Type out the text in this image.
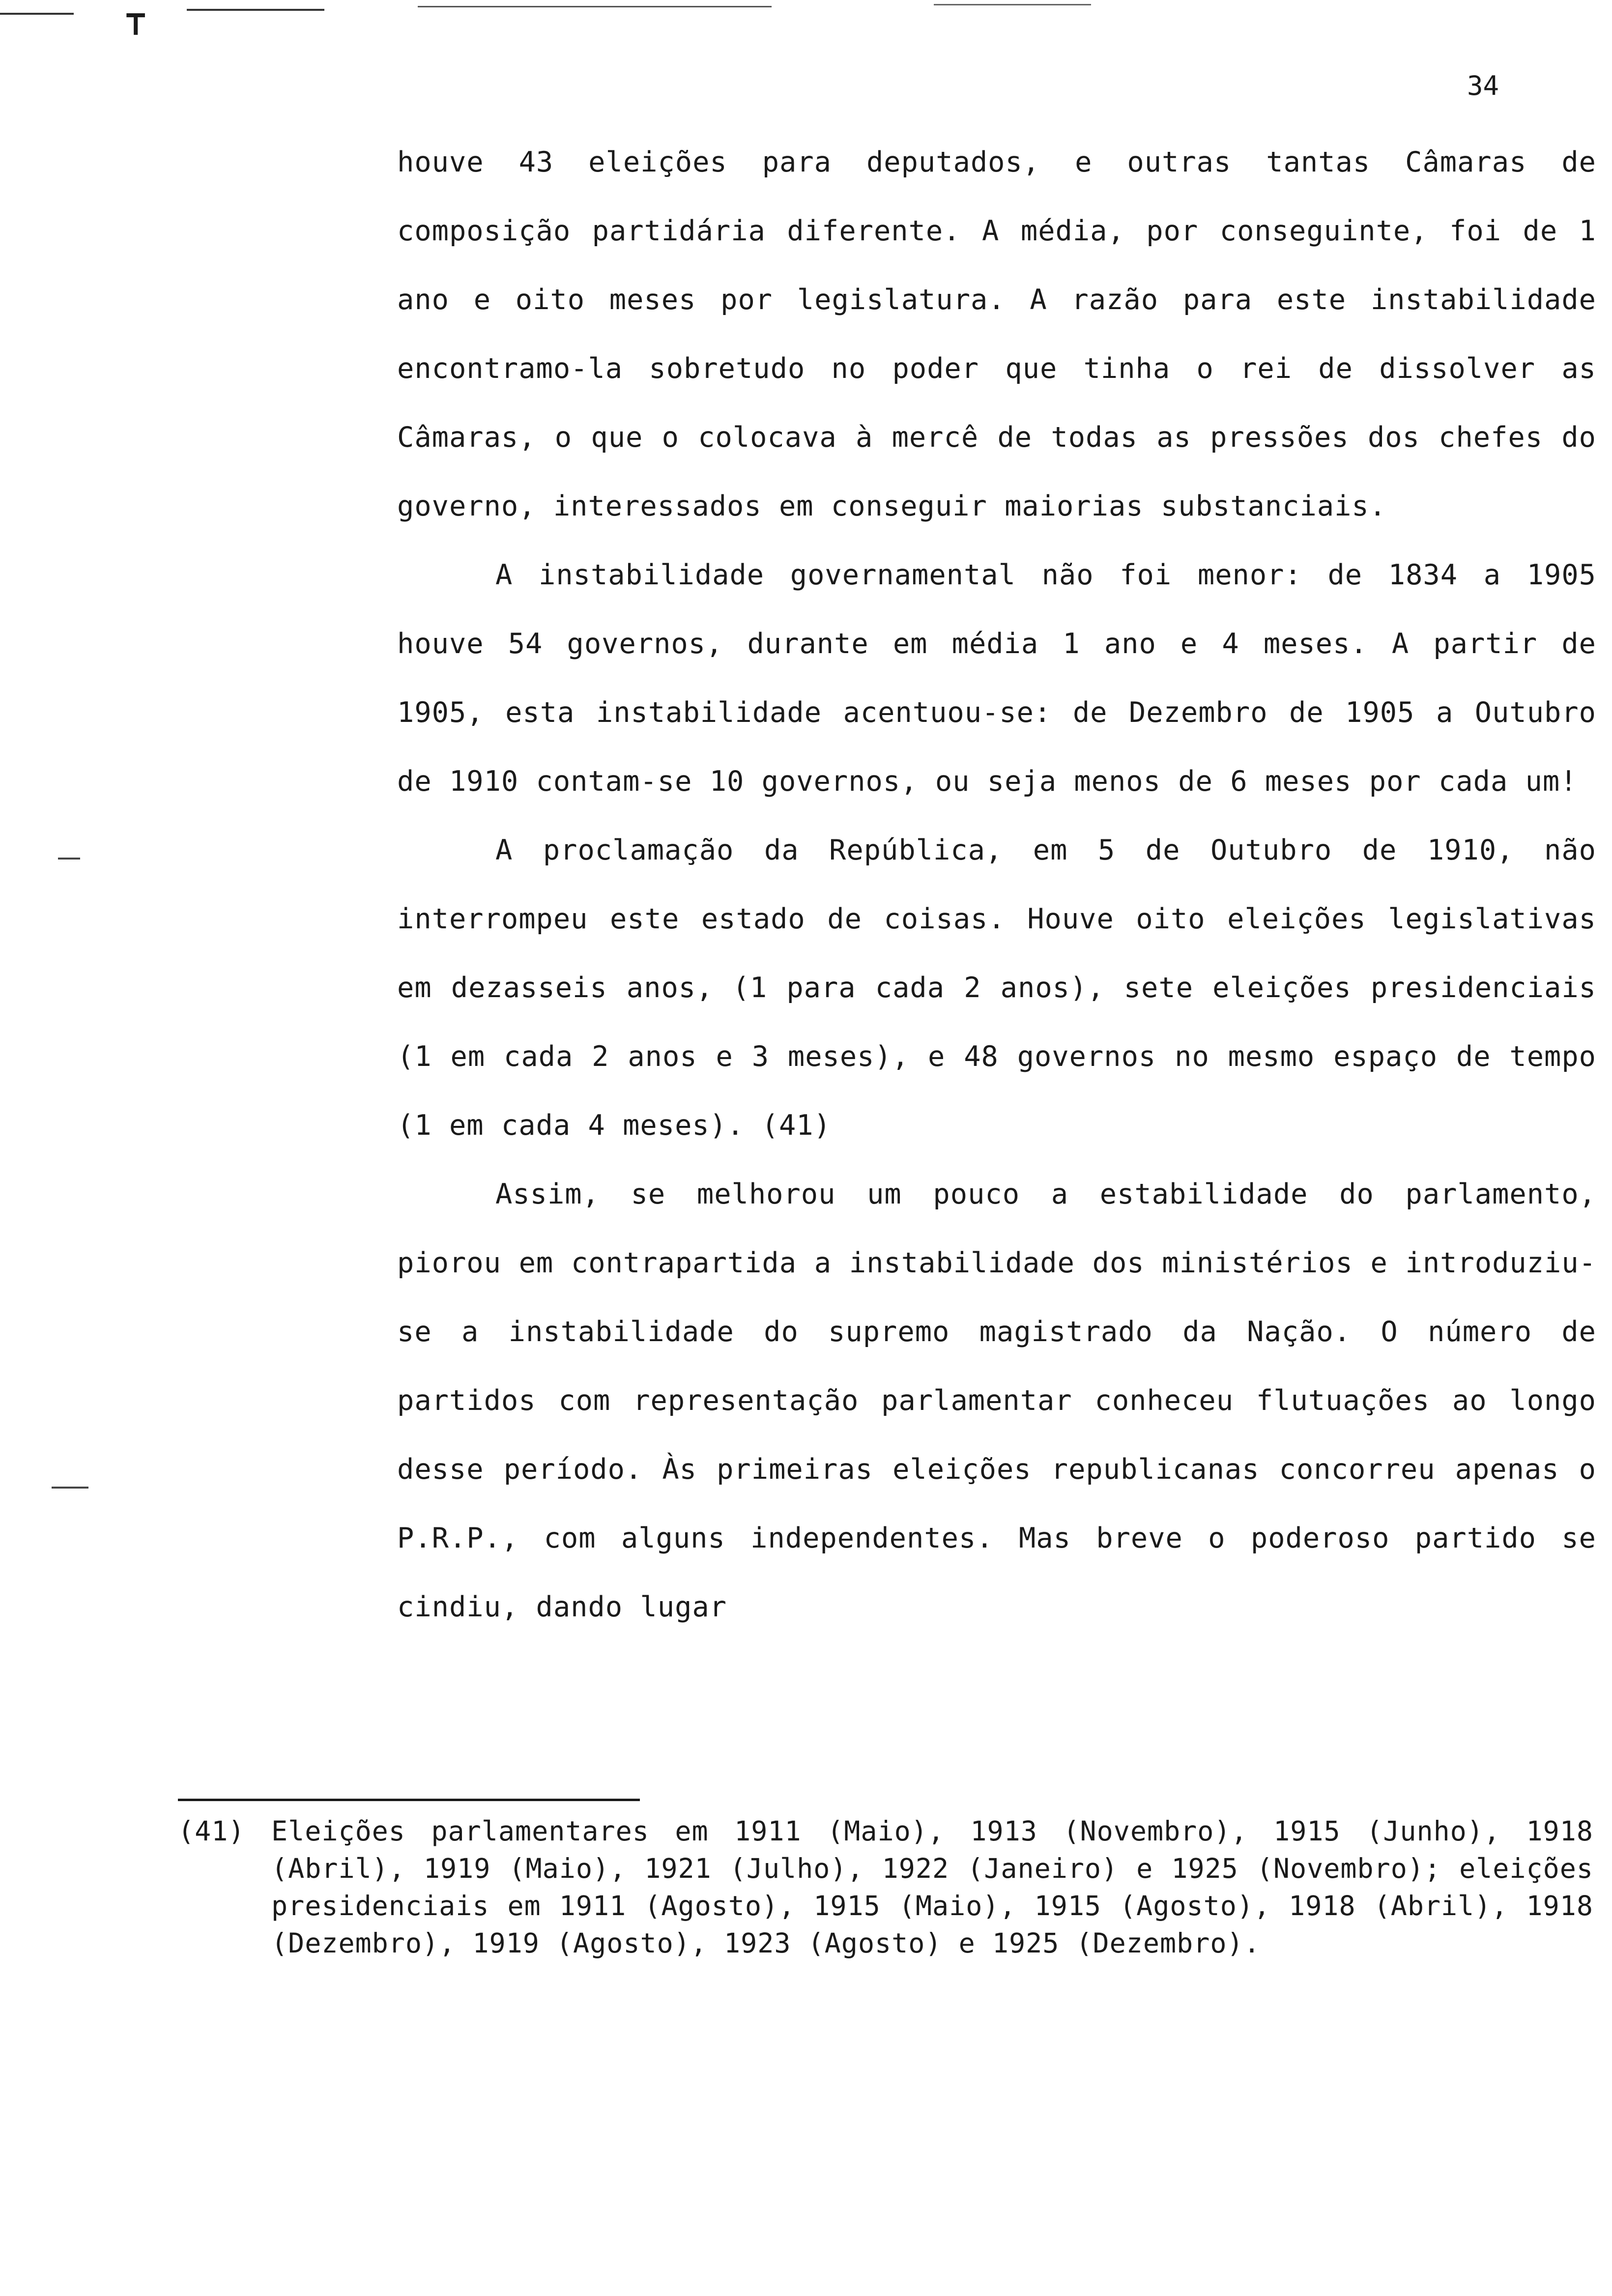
⊤
34

houve 43 eleições para deputados, e outras tantas Câmaras de composição partidária diferente. A média, por conseguinte, foi de 1 ano e oito meses por legislatura. A razão para este instabilidade encontramo-la sobretudo no poder que tinha o rei de dissolver as Câmaras, o que o colocava à mercê de todas as pressões dos chefes do governo, interessados em conseguir maiorias substanciais.

A instabilidade governamental não foi menor: de 1834 a 1905 houve 54 governos, durante em média 1 ano e 4 meses. A partir de 1905, esta instabilidade acentuou-se: de Dezembro de 1905 a Outubro de 1910 contam-se 10 governos, ou seja menos de 6 meses por cada um!

A proclamação da República, em 5 de Outubro de 1910, não interrompeu este estado de coisas. Houve oito eleições legislativas em dezasseis anos, (1 para cada 2 anos), sete eleições presidenciais (1 em cada 2 anos e 3 meses), e 48 governos no mesmo espaço de tempo (1 em cada 4 meses). (41)

Assim, se melhorou um pouco a estabilidade do parlamento, piorou em contrapartida a instabilidade dos ministérios e introduziu-se a instabilidade do supremo magistrado da Nação. O número de partidos com representação parlamentar conheceu flutuações ao longo desse período. Às primeiras eleições republicanas concorreu apenas o P.R.P., com alguns independentes. Mas breve o poderoso partido se cindiu, dando lugar

(41) Eleições parlamentares em 1911 (Maio), 1913 (Novembro), 1915 (Junho), 1918 (Abril), 1919 (Maio), 1921 (Julho), 1922 (Janeiro) e 1925 (Novembro); eleições presidenciais em 1911 (Agosto), 1915 (Maio), 1915 (Agosto), 1918 (Abril), 1918 (Dezembro), 1919 (Agosto), 1923 (Agosto) e 1925 (Dezembro).
